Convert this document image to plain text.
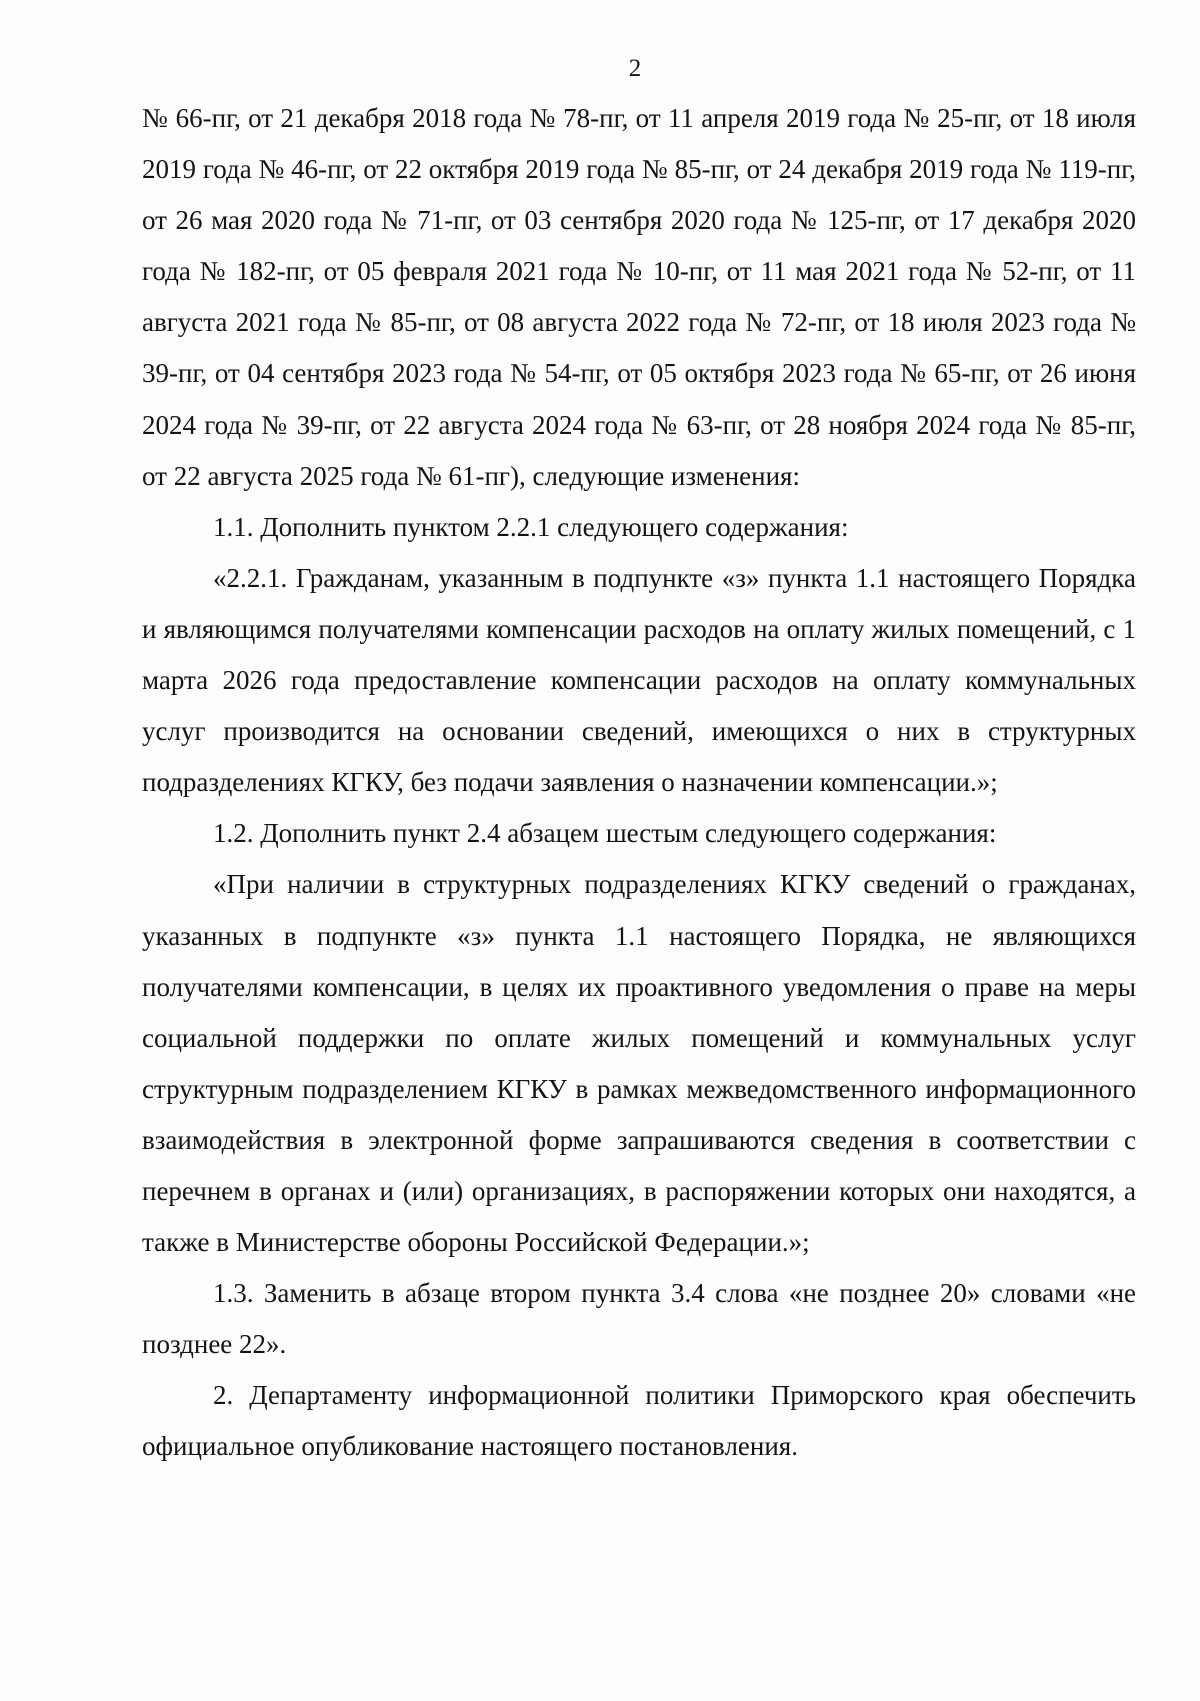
2

№ 66-пг, от 21 декабря 2018 года № 78-пг, от 11 апреля 2019 года № 25-пг, от 18 июля 2019 года № 46-пг, от 22 октября 2019 года № 85-пг, от 24 декабря 2019 года № 119-пг, от 26 мая 2020 года № 71-пг, от 03 сентября 2020 года № 125-пг, от 17 декабря 2020 года № 182-пг, от 05 февраля 2021 года № 10-пг, от 11 мая 2021 года № 52-пг, от 11 августа 2021 года № 85-пг, от 08 августа 2022 года № 72-пг, от 18 июля 2023 года № 39-пг, от 04 сентября 2023 года № 54-пг, от 05 октября 2023 года № 65-пг, от 26 июня 2024 года № 39-пг, от 22 августа 2024 года № 63-пг, от 28 ноября 2024 года № 85-пг, от 22 августа 2025 года № 61-пг), следующие изменения:

1.1. Дополнить пунктом 2.2.1 следующего содержания:

«2.2.1. Гражданам, указанным в подпункте «з» пункта 1.1 настоящего Порядка и являющимся получателями компенсации расходов на оплату жилых помещений, с 1 марта 2026 года предоставление компенсации расходов на оплату коммунальных услуг производится на основании сведений, имеющихся о них в структурных подразделениях КГКУ, без подачи заявления о назначении компенсации.»;

1.2. Дополнить пункт 2.4 абзацем шестым следующего содержания:

«При наличии в структурных подразделениях КГКУ сведений о гражданах, указанных в подпункте «з» пункта 1.1 настоящего Порядка, не являющихся получателями компенсации, в целях их проактивного уведомления о праве на меры социальной поддержки по оплате жилых помещений и коммунальных услуг структурным подразделением КГКУ в рамках межведомственного информационного взаимодействия в электронной форме запрашиваются сведения в соответствии с перечнем в органах и (или) организациях, в распоряжении которых они находятся, а также в Министерстве обороны Российской Федерации.»;

1.3. Заменить в абзаце втором пункта 3.4 слова «не позднее 20» словами «не позднее 22».

2. Департаменту информационной политики Приморского края обеспечить официальное опубликование настоящего постановления.
